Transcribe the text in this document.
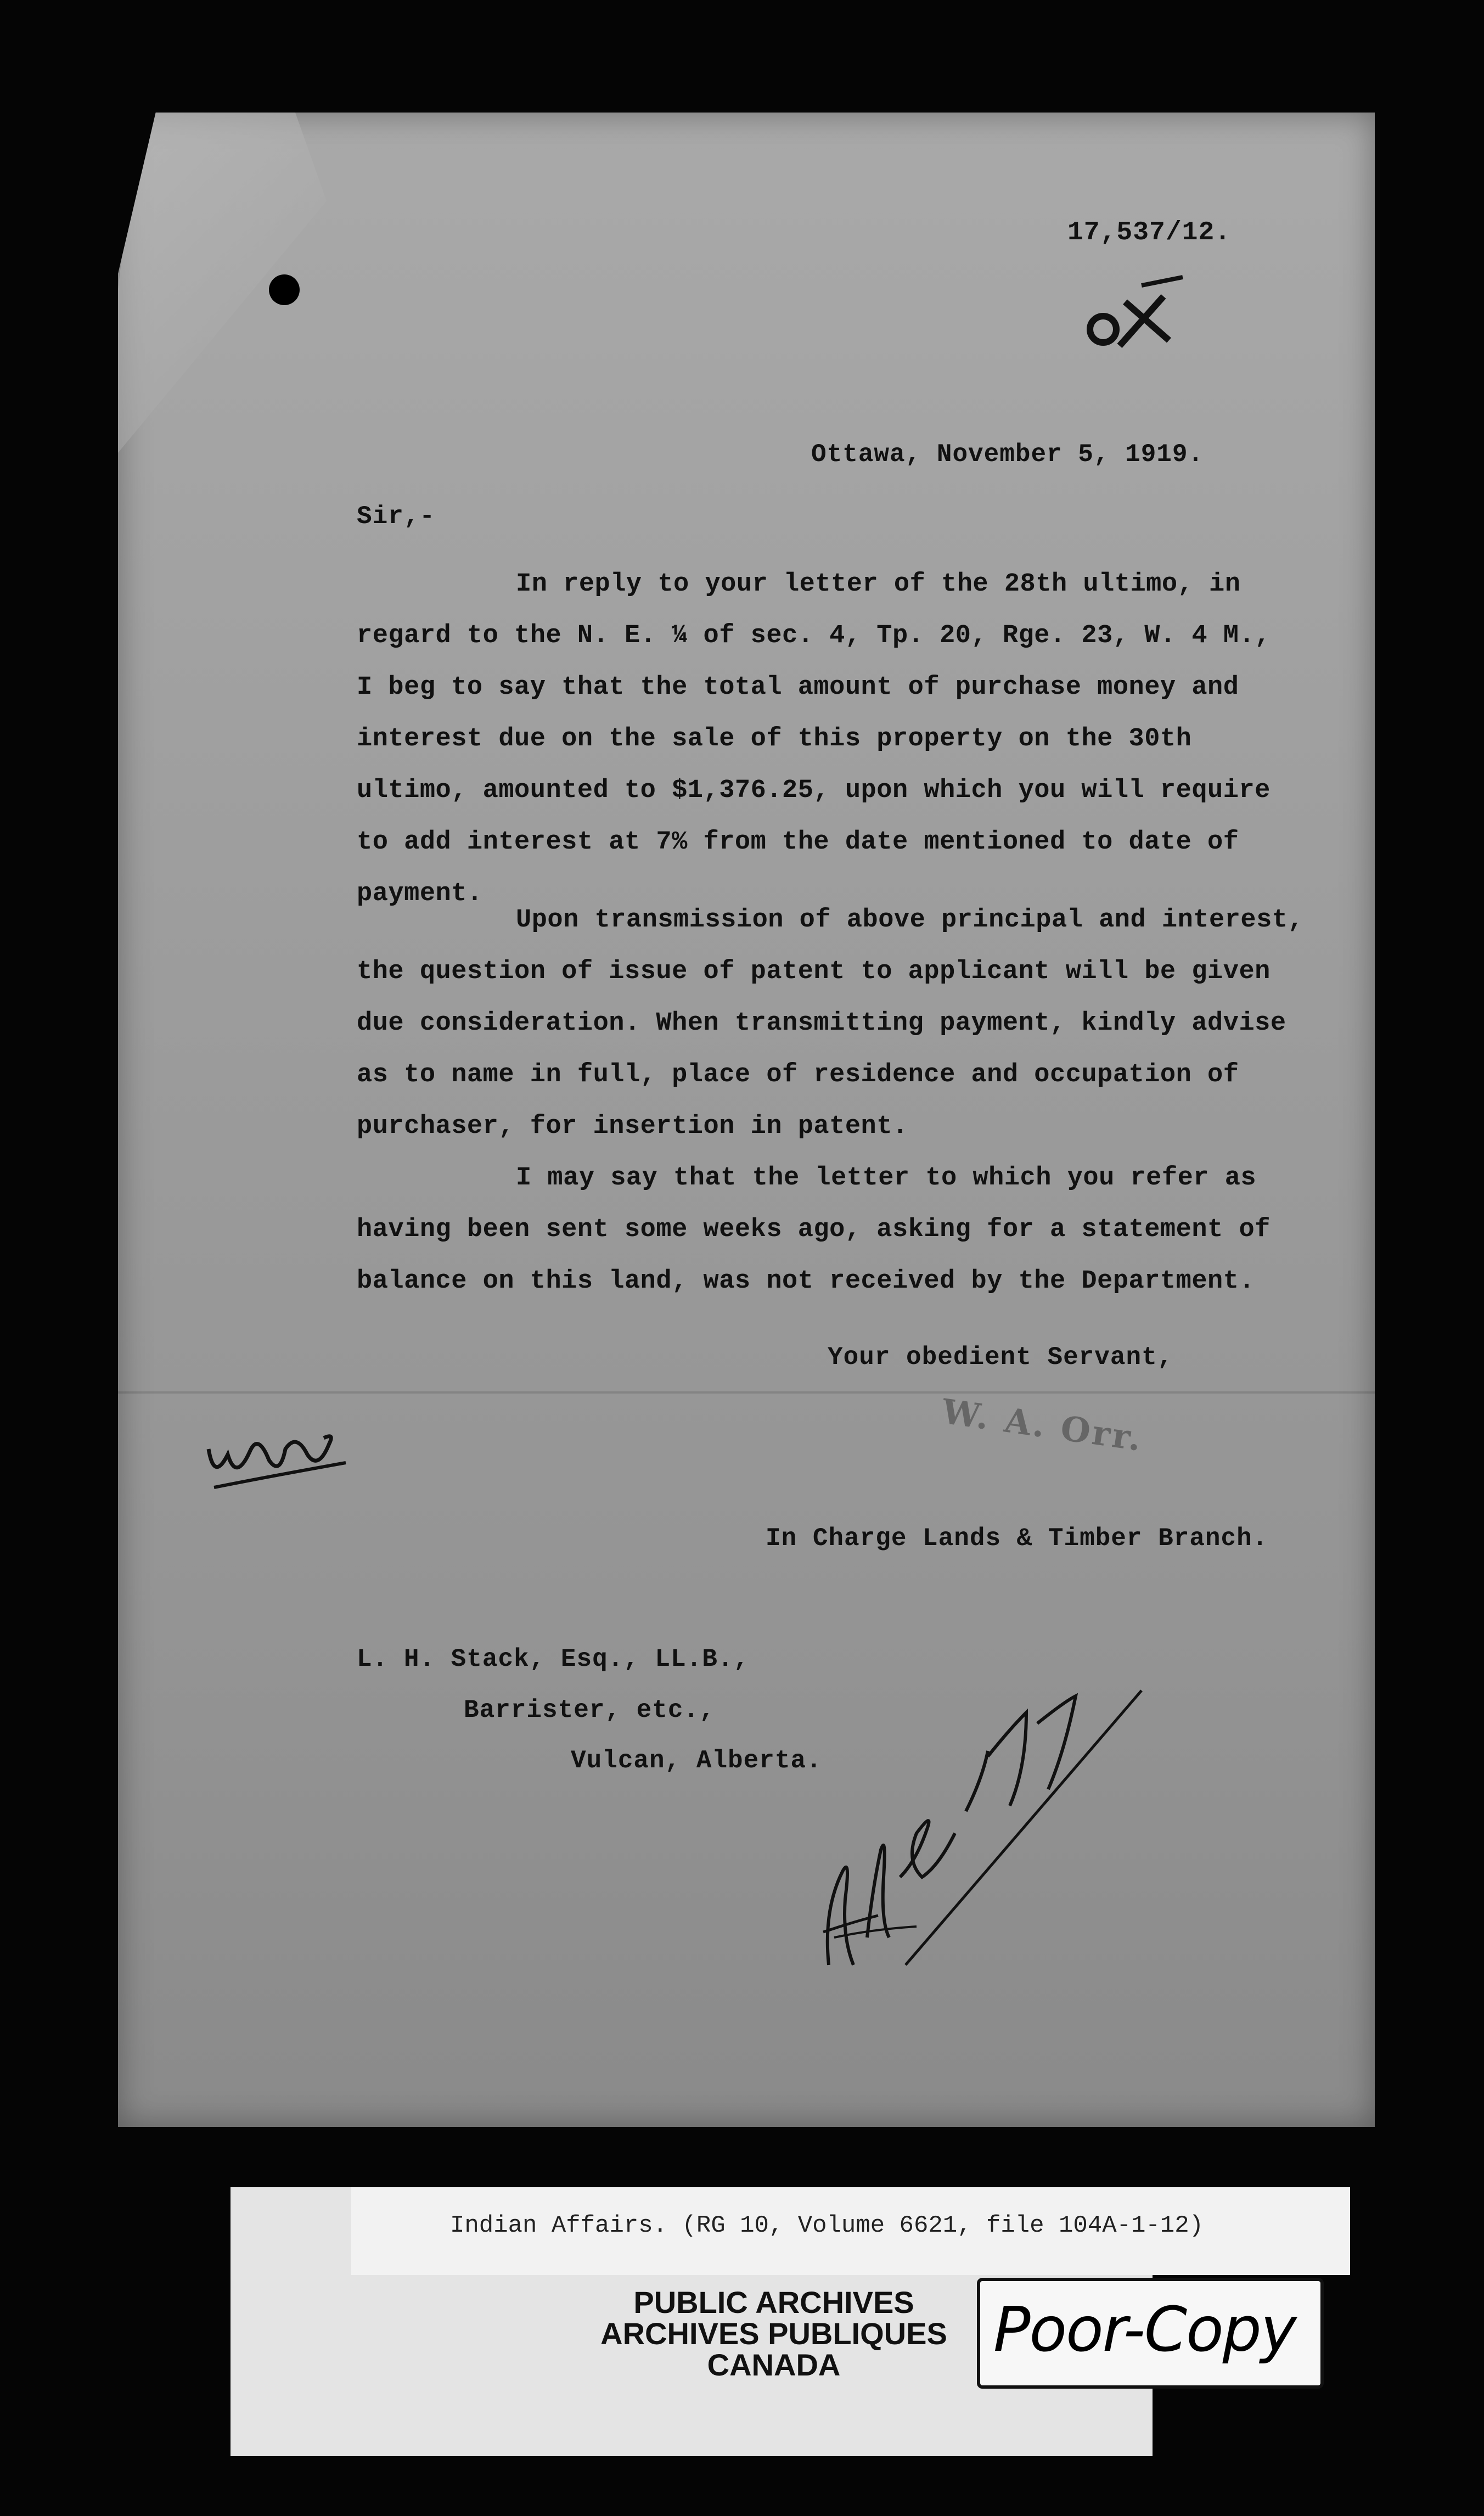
17,537/12.
OX
Ottawa, November 5, 1919.
Sir,-
In reply to your letter of the 28th ultimo, in
regard to the N. E. ¼ of sec. 4, Tp. 20, Rge. 23, W. 4 M.,
I beg to say that the total amount of purchase money and
interest due on the sale of this property on the 30th
ultimo, amounted to $1,376.25, upon which you will require
to add interest at 7% from the date mentioned to date of
payment.
Upon transmission of above principal and interest,
the question of issue of patent to applicant will be given
due consideration. When transmitting payment, kindly advise
as to name in full, place of residence and occupation of
purchaser, for insertion in patent.
I may say that the letter to which you refer as
having been sent some weeks ago, asking for a statement of
balance on this land, was not received by the Department.
Your obedient Servant,
W. A. Orr.
WAO
In Charge Lands & Timber Branch.
L. H. Stack, Esq., LL.B.,
Barrister, etc.,
Vulcan, Alberta.
File 177
Indian Affairs. (RG 10, Volume 6621, file 104A-1-12)
PUBLIC ARCHIVES
ARCHIVES PUBLIQUES
CANADA	Poor-Copy
